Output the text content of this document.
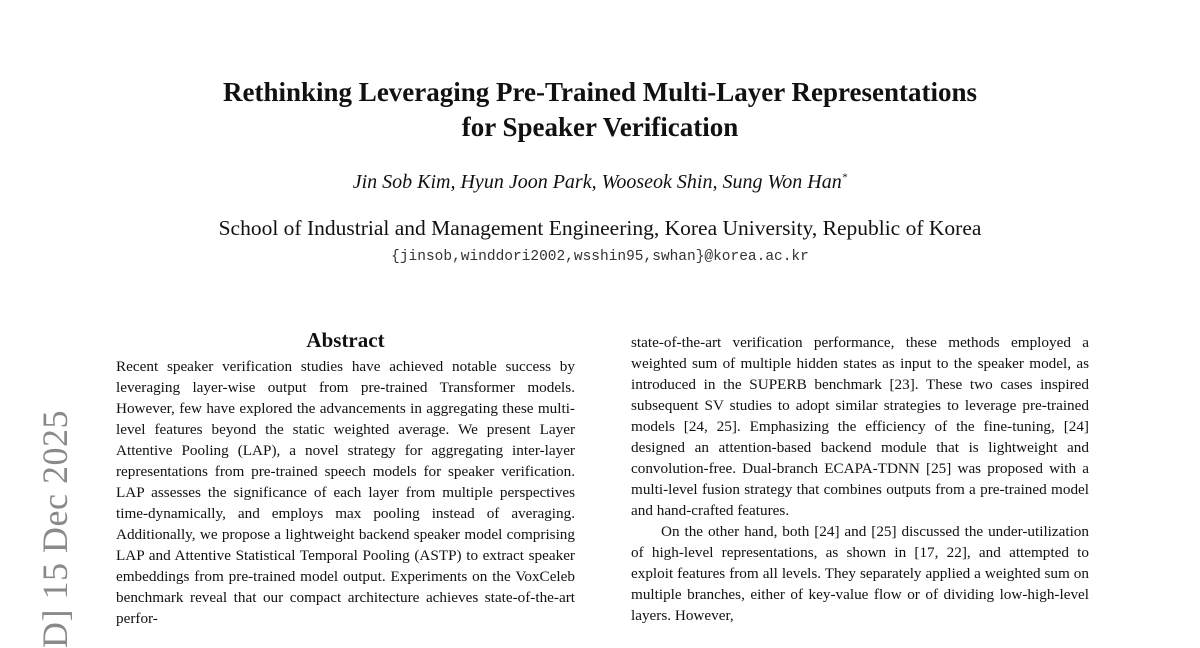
D] 15 Dec 2025
Rethinking Leveraging Pre-Trained Multi-Layer Representations
for Speaker Verification
Jin Sob Kim, Hyun Joon Park, Wooseok Shin, Sung Won Han*
School of Industrial and Management Engineering, Korea University, Republic of Korea
{jinsob,winddori2002,wsshin95,swhan}@korea.ac.kr
Abstract

Recent speaker verification studies have achieved notable success by leveraging layer-wise output from pre-trained Transformer models. However, few have explored the advancements in aggregating these multi-level features beyond the static weighted average. We present Layer Attentive Pooling (LAP), a novel strategy for aggregating inter-layer representations from pre-trained speech models for speaker verification. LAP assesses the significance of each layer from multiple perspectives time-dynamically, and employs max pooling instead of averaging. Additionally, we propose a lightweight backend speaker model comprising LAP and Attentive Statistical Temporal Pooling (ASTP) to extract speaker embeddings from pre-trained model output. Experiments on the VoxCeleb benchmark reveal that our compact architecture achieves state-of-the-art perfor-

state-of-the-art verification performance, these methods employed a weighted sum of multiple hidden states as input to the speaker model, as introduced in the SUPERB benchmark [23]. These two cases inspired subsequent SV studies to adopt similar strategies to leverage pre-trained models [24, 25]. Emphasizing the efficiency of the fine-tuning, [24] designed an attention-based backend module that is lightweight and convolution-free. Dual-branch ECAPA-TDNN [25] was proposed with a multi-level fusion strategy that combines outputs from a pre-trained model and hand-crafted features.

On the other hand, both [24] and [25] discussed the under-utilization of high-level representations, as shown in [17, 22], and attempted to exploit features from all levels. They separately applied a weighted sum on multiple branches, either of key-value flow or of dividing low-high-level layers. However,
